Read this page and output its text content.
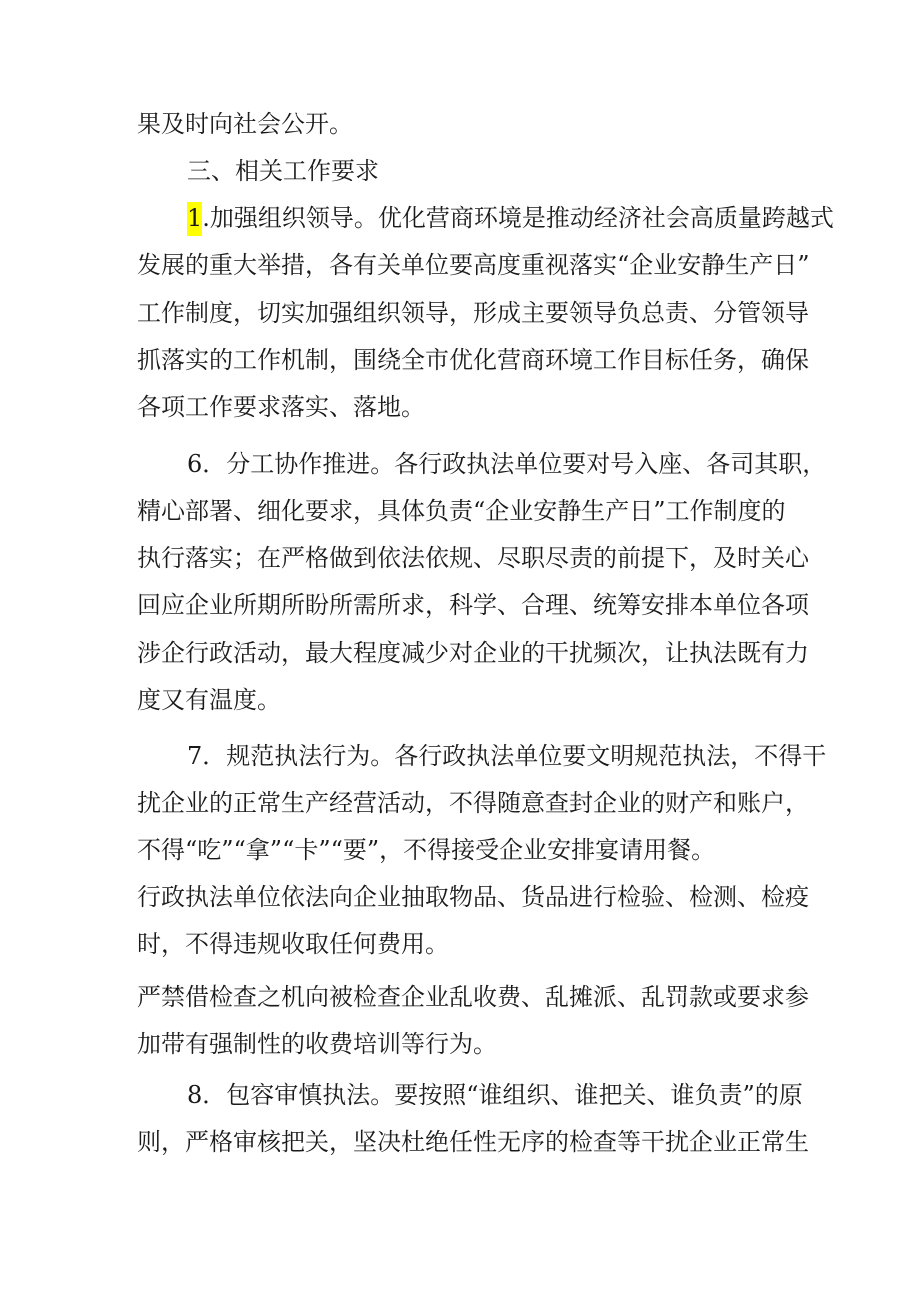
果及时向社会公开。
三、相关工作要求
1.加强组织领导。优化营商环境是推动经济社会高质量跨越式
发展的重大举措，各有关单位要高度重视落实“企业安静生产日”
工作制度，切实加强组织领导，形成主要领导负总责、分管领导
抓落实的工作机制，围绕全市优化营商环境工作目标任务，确保
各项工作要求落实、落地。
6．分工协作推进。各行政执法单位要对号入座、各司其职，
精心部署、细化要求，具体负责“企业安静生产日”工作制度的
执行落实；在严格做到依法依规、尽职尽责的前提下，及时关心
回应企业所期所盼所需所求，科学、合理、统筹安排本单位各项
涉企行政活动，最大程度减少对企业的干扰频次，让执法既有力
度又有温度。
7．规范执法行为。各行政执法单位要文明规范执法，不得干
扰企业的正常生产经营活动，不得随意查封企业的财产和账户，
不得“吃”“拿”“卡”“要”，不得接受企业安排宴请用餐。
行政执法单位依法向企业抽取物品、货品进行检验、检测、检疫
时，不得违规收取任何费用。
严禁借检查之机向被检查企业乱收费、乱摊派、乱罚款或要求参
加带有强制性的收费培训等行为。
8．包容审慎执法。要按照“谁组织、谁把关、谁负责”的原
则，严格审核把关，坚决杜绝任性无序的检查等干扰企业正常生
